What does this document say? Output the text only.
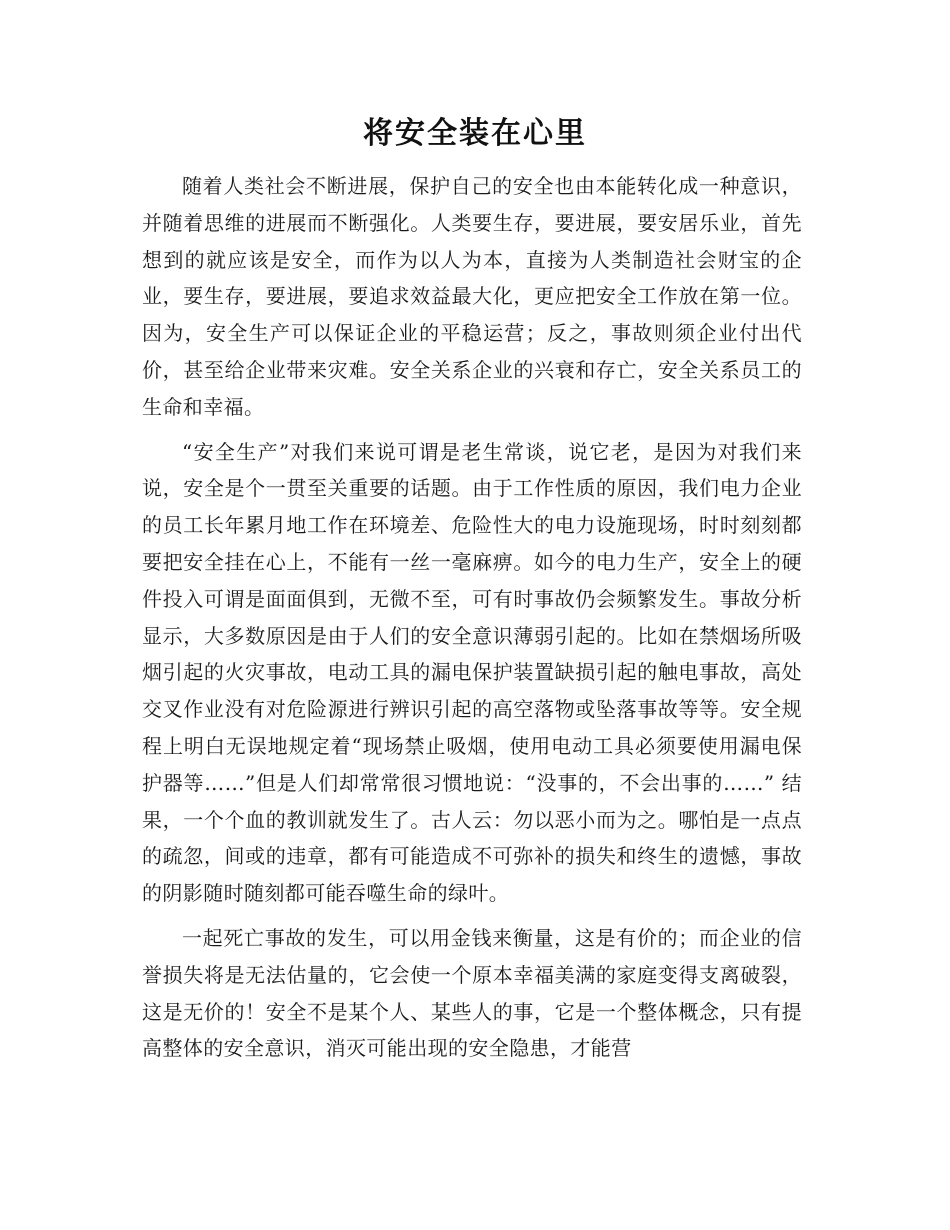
将安全装在心里

随着人类社会不断进展，保护自己的安全也由本能转化成一种意识，并随着思维的进展而不断强化。人类要生存，要进展，要安居乐业，首先想到的就应该是安全，而作为以人为本，直接为人类制造社会财宝的企业，要生存，要进展，要追求效益最大化，更应把安全工作放在第一位。因为，安全生产可以保证企业的平稳运营；反之，事故则须企业付出代价，甚至给企业带来灾难。安全关系企业的兴衰和存亡，安全关系员工的生命和幸福。

“安全生产”对我们来说可谓是老生常谈，说它老，是因为对我们来说，安全是个一贯至关重要的话题。由于工作性质的原因，我们电力企业的员工长年累月地工作在环境差、危险性大的电力设施现场，时时刻刻都要把安全挂在心上，不能有一丝一毫麻痹。如今的电力生产，安全上的硬件投入可谓是面面俱到，无微不至，可有时事故仍会频繁发生。事故分析显示，大多数原因是由于人们的安全意识薄弱引起的。比如在禁烟场所吸烟引起的火灾事故，电动工具的漏电保护装置缺损引起的触电事故，高处交叉作业没有对危险源进行辨识引起的高空落物或坠落事故等等。安全规程上明白无误地规定着“现场禁止吸烟，使用电动工具必须要使用漏电保护器等……”但是人们却常常很习惯地说：“没事的，不会出事的……” 结果，一个个血的教训就发生了。古人云：勿以恶小而为之。哪怕是一点点的疏忽，间或的违章，都有可能造成不可弥补的损失和终生的遗憾，事故的阴影随时随刻都可能吞噬生命的绿叶。

一起死亡事故的发生，可以用金钱来衡量，这是有价的；而企业的信誉损失将是无法估量的，它会使一个原本幸福美满的家庭变得支离破裂，这是无价的！安全不是某个人、某些人的事，它是一个整体概念，只有提高整体的安全意识，消灭可能出现的安全隐患，才能营
